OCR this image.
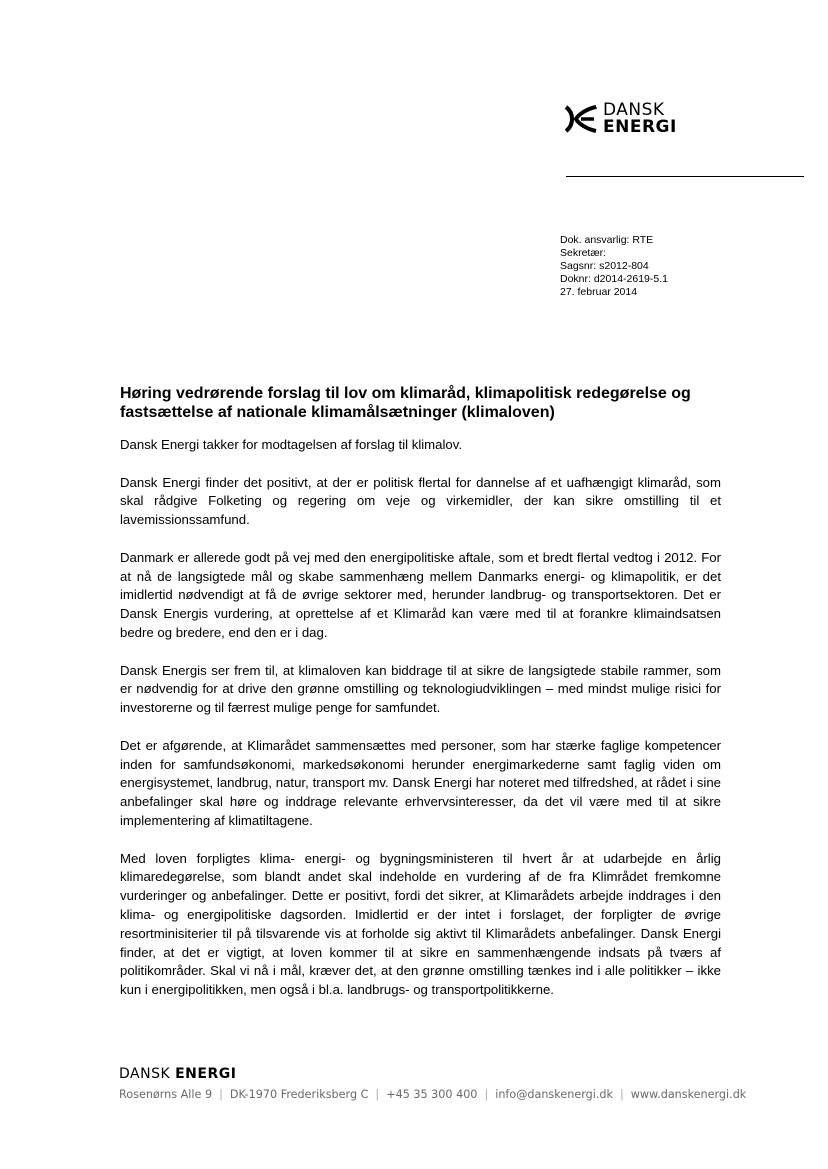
DANSK
ENERGI
Dok. ansvarlig: RTE
Sekretær:
Sagsnr: s2012-804
Doknr: d2014-2619-5.1
27. februar 2014
Høring vedrørende forslag til lov om klimaråd, klimapolitisk redegørelse og fastsættelse af nationale klimamålsætninger (klimaloven)

Dansk Energi takker for modtagelsen af forslag til klimalov.

Dansk Energi finder det positivt, at der er politisk flertal for dannelse af et uafhængigt klimaråd, som skal rådgive Folketing og regering om veje og virkemidler, der kan sikre omstilling til et lavemissionssamfund.

Danmark er allerede godt på vej med den energipolitiske aftale, som et bredt flertal vedtog i 2012. For at nå de langsigtede mål og skabe sammenhæng mellem Danmarks energi- og klimapolitik, er det imidlertid nødvendigt at få de øvrige sektorer med, herunder landbrug- og transportsektoren. Det er Dansk Energis vurdering, at oprettelse af et Klimaråd kan være med til at forankre klimaindsatsen bedre og bredere, end den er i dag.

Dansk Energis ser frem til, at klimaloven kan biddrage til at sikre de langsigtede stabile rammer, som er nødvendig for at drive den grønne omstilling og teknologiudviklingen – med mindst mulige risici for investorerne og til færrest mulige penge for samfundet.

Det er afgørende, at Klimarådet sammensættes med personer, som har stærke faglige kompetencer inden for samfundsøkonomi, markedsøkonomi herunder energimarkederne samt faglig viden om energisystemet, landbrug, natur, transport mv. Dansk Energi har noteret med tilfredshed, at rådet i sine anbefalinger skal høre og inddrage relevante erhvervsinteresser, da det vil være med til at sikre implementering af klimatiltagene.

Med loven forpligtes klima- energi- og bygningsministeren til hvert år at udarbejde en årlig klimaredegørelse, som blandt andet skal indeholde en vurdering af de fra Klimrådet fremkomne vurderinger og anbefalinger. Dette er positivt, fordi det sikrer, at Klimarådets arbejde inddrages i den klima- og energipolitiske dagsorden. Imidlertid er der intet i forslaget, der forpligter de øvrige resortminisiterier til på tilsvarende vis at forholde sig aktivt til Klimarådets anbefalinger. Dansk Energi finder, at det er vigtigt, at loven kommer til at sikre en sammenhængende indsats på tværs af politikområder. Skal vi nå i mål, kræver det, at den grønne omstilling tænkes ind i alle politikker – ikke kun i energipolitikken, men også i bl.a. landbrugs- og transportpolitikkerne.

DANSK ENERGI
Rosenørns Alle 9 | DK-1970 Frederiksberg C | +45 35 300 400 | info@danskenergi.dk | www.danskenergi.dk
